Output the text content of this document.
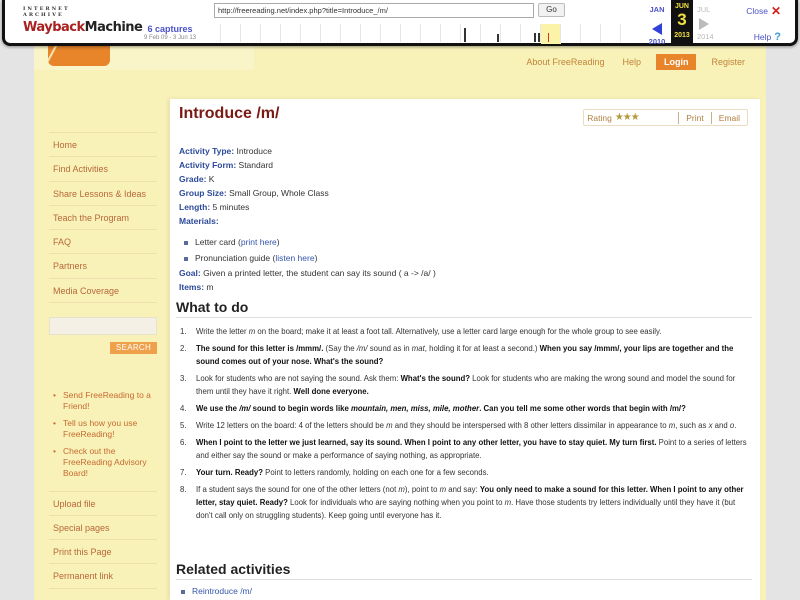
About FreeReading	Help	Login	Register
Home
Find Activities
Share Lessons & Ideas
Teach the Program
FAQ
Partners
Media Coverage
SEARCH
• Send FreeReading to a Friend!
• Tell us how you use FreeReading!
• Check out the FreeReading Advisory Board!
Upload file
Special pages
Print this Page
Permanent link
Introduce /m/	Rating ★★★	Print	Email
Activity Type: Introduce
Activity Form: Standard
Grade: K
Group Size: Small Group, Whole Class
Length: 5 minutes
Materials:
Letter card (print here)
Pronunciation guide (listen here)
Goal: Given a printed letter, the student can say its sound ( a -> /a/ )
Items: m
What to do
1. Write the letter m on the board; make it at least a foot tall. Alternatively, use a letter card large enough for the whole group to see easily.
2. The sound for this letter is /mmm/. (Say the /m/ sound as in mat, holding it for at least a second.) When you say /mmm/, your lips are together and the sound comes out of your nose. What's the sound?
3. Look for students who are not saying the sound. Ask them: What's the sound? Look for students who are making the wrong sound and model the sound for them until they have it right. Well done everyone.
4. We use the /m/ sound to begin words like mountain, men, miss, mile, mother. Can you tell me some other words that begin with /m/?
5. Write 12 letters on the board: 4 of the letters should be m and they should be interspersed with 8 other letters dissimilar in appearance to m, such as x and o.
6. When I point to the letter we just learned, say its sound. When I point to any other letter, you have to stay quiet. My turn first. Point to a series of letters and either say the sound or make a performance of saying nothing, as appropriate.
7. Your turn. Ready? Point to letters randomly, holding on each one for a few seconds.
8. If a student says the sound for one of the other letters (not m), point to m and say: You only need to make a sound for this letter. When I point to any other letter, stay quiet. Ready? Look for individuals who are saying nothing when you point to m. Have those students try letters individually until they have it (but don't call only on struggling students). Keep going until everyone has it.
Related activities
Reintroduce /m/
INTERNET ARCHIVE
WaybackMachine 6 captures
9 Feb 09 - 3 Jun 13
http://freereading.net/index.php?title=Introduce_/m/
Go	JAN
2010
JUN
3
2013
JUL
2014
Close ✕
Help ?
